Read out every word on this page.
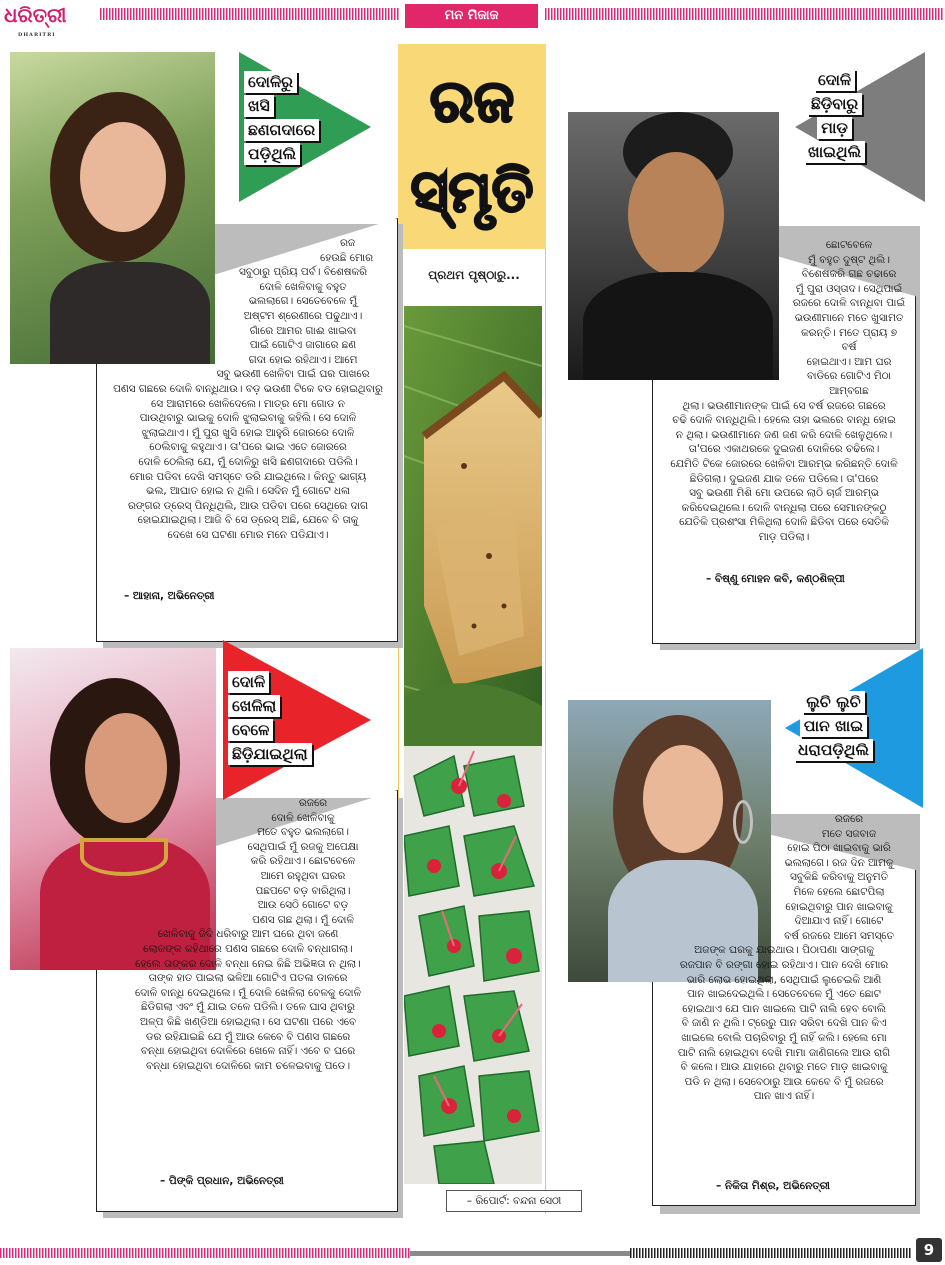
ଧରିତ୍ରୀ
DHARITRI
ମନ ମିଜାଜ
ରଜ
ସ୍ମୃତି
ପ୍ରଥମ ପୃଷ୍ଠାରୁ...
– ରିପୋର୍ଟ: ବନ୍ଦନା ସେଠୀ
ଦୋଳିରୁ
ଖସି
ଛଣଗଦାରେ
ପଡ଼ିଥିଲି
ରଜ
ହେଉଛି ମୋର
ସବୁଠାରୁ ପ୍ରିୟ ପର୍ବ। ବିଶେଷକରି
ଦୋଳି ଖେଳିବାକୁ ବହୁତ
ଭଲଲାଗେ। ସେତେବେଳେ ମୁଁ
ଅଷ୍ଟମ ଶ୍ରେଣୀରେ ପଢୁଥାଏ।
ଗାଁରେ ଆମର ଗାଈ ଖାଇବା
ପାଇଁ ଗୋଟିଏ ଜାଗାରେ ଛଣ
ଗଦା ହୋଇ ରହିଥାଏ। ଆମେ
ସବୁ ଭଉଣୀ ଖେଳିବା ପାଇଁ ଘର ପାଖରେ
ପଣସ ଗଛରେ ଦୋଳି ବାନ୍ଧିଥାଉ। ବଡ଼ ଭଉଣୀ ଟିକେ ବଡ ହୋଇଥିବାରୁ
ସେ ଆରାମରେ ଖେଳିଦେଲେ। ମାତ୍ର ମୋ ଗୋଡ ନ
ପାଉଥିବାରୁ ଭାଇକୁ ଦୋଳି ଝୁଲାଇବାକୁ କହିଲି। ସେ ଦୋଳି
ଝୁଲାଇଥାଏ। ମୁଁ ପୁରା ଖୁସି ହୋଇ ଆହୁରି ଜୋରରେ ଦୋଳି
ଠେଲିବାକୁ କହୁଥାଏ। ତା'ପରେ ଭାଇ ଏତେ ଜୋରରେ
ଦୋଳି ଠେଲିଲା ଯେ, ମୁଁ ଦୋଳିରୁ ଖସି ଛଣଗଦାରେ ପଡିଲି।
ମୋର ପଡିବା ଦେଖି ସମସ୍ତେ ଡରି ଯାଇଥିଲେ। କିନ୍ତୁ ଭାଗ୍ୟ
ଭଲ, ଆଘାତ ହୋଇ ନ ଥିଲି। ସେଦିନ ମୁଁ ଗୋଟେ ଧଳା
ରଙ୍ଗର ଡ୍ରେସ୍ ପିନ୍ଧିଥିଲି, ଆଉ ପଡିବା ପରେ ସେଥିରେ ଦାଗ
ହୋଇଯାଇଥିଲା। ଆଜି ବି ସେ ଡ୍ରେସ୍ ଅଛି, ଯେବେ ବି ତାକୁ
ଦେଖେ ସେ ଘଟଣା ମୋର ମନେ ପଡିଯାଏ।
– ଆହାନା, ଅଭିନେତ୍ରୀ
ଦୋଳି
ଛିଡ଼ିବାରୁ
ମାଡ଼
ଖାଇଥିଲି
ଛୋଟବେଳେ
ମୁଁ ବହୁତ ଦୁଷ୍ଟ ଥିଲି।
ବିଶେଷକରି ଗଛ ଚଢାରେ
ମୁଁ ପୁରା ଓସ୍ତାଦ। ସେଥିପାଇଁ
ରଜରେ ଦୋଳି ବାନ୍ଧିବା ପାଇଁ
ଭଉଣୀମାନେ ମତେ ଖୁସାମତ
କରନ୍ତି। ମତେ ପ୍ରାୟ ୭ ବର୍ଷ
ହୋଇଥାଏ। ଆମ ଘର
ବାଡିରେ ଗୋଟିଏ ମିଠା ଆମ୍ବଗଛ
ଥିଲା। ଭଉଣୀମାନଙ୍କ ପାଇଁ ସେ ବର୍ଷ ରଜରେ ଗଛରେ
ଚଢି ଦୋଳି ବାନ୍ଧିଥିଲି। ହେଲେ ତାହା ଭଲରେ ବାନ୍ଧି ହୋଇ
ନ ଥିଲା। ଭଉଣୀମାନେ ଜଣ ଜଣ କରି ଦୋଳି ଖେଳୁଥିଲେ।
ତା'ପରେ ଏକାଥରକେ ଦୁଇଜଣ ଦୋଳିରେ ଚଢିଲେ।
ଯେମିତି ଟିକେ ଜୋରରେ ଖେଳିବା ଆରମ୍ଭ କରିଛନ୍ତି ଦୋଳି
ଛିଡିଗଲା। ଦୁଇଜଣ ଯାକ ତଳେ ପଡିଲେ। ତା'ପରେ
ସବୁ ଭଉଣୀ ମିଶି ମୋ ଉପରେ ଲାଠି ଚାର୍ଜ ଆରମ୍ଭ
କରିଦେଇଥିଲେ। ଦୋଳି ବାନ୍ଧିଲା ପରେ ସେମାନଙ୍କଠୁ
ଯେତିକି ପ୍ରଶଂସା ମିଳିଥିଲା ଦୋଳି ଛିଡିବା ପରେ ସେତିକି
ମାଡ଼ ପଡିଲା।
– ବିଷ୍ଣୁ ମୋହନ କବି, କଣ୍ଠଶିଳ୍ପୀ
ଦୋଳି
ଖେଳିଲା
ବେଳେ
ଛିଡ଼ିଯାଇଥିଲା
ରଜରେ
ଦୋଳି ଖେଳିବାକୁ
ମତେ ବହୁତ ଭଲଲାଗେ।
ସେଥିପାଇଁ ମୁଁ ରଜକୁ ଅପେକ୍ଷା
କରି ରହିଥାଏ। ଛୋଟବେଳେ
ଆମେ ରହୁଥିବା ଘରର
ପଛପଟେ ବଡ଼ ବାରିଥିଲା।
ଆଉ ସେଠି ଗୋଟେ ବଡ଼
ପଣସ ଗଛ ଥିଲା। ମୁଁ ଦୋଳି
ଖେଳିବାକୁ ଜିଦି ଧରିବାରୁ ଆମ ଘରେ ଥିବା ଜଣେ
ଲୋକଙ୍କ କହିଥାରେ ପଣସ ଗଛରେ ଦୋଳି ବନ୍ଧାଗଲା।
ହେଲେ ତାଙ୍କର ଦୋଳି ବନ୍ଧା ନେଇ କିଛି ଅଭିଜ୍ଞତା ନ ଥିଲା।
ତାଙ୍କ ହାତ ପାଇଲା ଭଳିଆ ଗୋଟିଏ ପତଳା ଡାଳରେ
ଦୋଳି ବାନ୍ଧି ଦେଇଥିଲେ। ମୁଁ ଦୋଳି ଖେଳିଲା ବେଳକୁ ଦୋଳି
ଛିଡିଗଲା ଏବଂ ମୁଁ ଯାଇ ତଳେ ପଡିଲି। ତଳେ ଘାସ ଥିବାରୁ
ଅଳ୍ପ କିଛି ଖଣ୍ଡିଆ ହୋଇଥିଲା। ସେ ଘଟଣା ପରେ ଏବେ
ଡର ରହିଯାଇଛି ଯେ ମୁଁ ଆଉ କେବେ ବି ପଣସ ଗଛରେ
ବନ୍ଧା ହୋଇଥିବା ଦୋଳିରେ ଖେଳେ ନାହିଁ। ଏବେ ବ ଘରେ
ବନ୍ଧା ହୋଇଥିବା ଦୋଳିରେ କାମ ଚଳେଇବାକୁ ପଡେ।
– ପିଙ୍କି ପ୍ରଧାନ, ଅଭିନେତ୍ରୀ
ଲୁଚି ଲୁଚି
ପାନ ଖାଇ
ଧରାପଡ଼ିଥିଲି
ରଜରେ
ମତେ ସଜବାଜ
ହୋଇ ପିଠା ଖାଇବାକୁ ଭାରି
ଭଲଲାଗେ। ରଜ ଦିନ ଆମକୁ
ସବୁକିଛି କରିବାକୁ ଅନୁମତି
ମିଳେ ହେଲେ ଛୋଟପିଲା
ହୋଇଥିବାରୁ ପାନ ଖାଇବାକୁ
ଦିଆଯାଏ ନାହିଁ। ଗୋଟେ
ବର୍ଷ ରଜରେ ଆମେ ସମସ୍ତେ
ଅଜଙ୍କ ଘରକୁ ଯାଇଥାଉ। ପିଠାପଣା ସାଙ୍ଗକୁ
ରଜପାନ ବି ରଙ୍ଗା ହୋଇ ରହିଥାଏ। ପାନ ଦେଖି ମୋର
ଭାରି ଲୋଭ ହୋଇଥିଲା, ସେଥିପାଇଁ ଲୁଚେଇକି ଆଣି
ପାନ ଖାଇଦେଇଥିଲି। ସେତେବେଳେ ମୁଁ ଏତେ ଛୋଟ
ହୋଇଥାଏ ଯେ ପାନ ଖାଇଲେ ପାଟି ନାଲି ହେବ ବୋଲି
ବି ଜାଣି ନ ଥିଲି। ଟ୍ରେରୁ ପାନ ସରିବା ଦେଖି ପାନ କିଏ
ଖାଇଲେ ବୋଲି ପଚାରିବାରୁ ମୁଁ ନାହିଁ କଲି। ହେଲେ ମୋ
ପାଟି ନାଲି ହୋଇଥିବା ଦେଖି ମାମା ଜାଣିଗଲେ ଆଉ ରାଗି
ବି କଲେ। ଆଉ ଯାହାରେ ଥିବାରୁ ମତେ ମାଡ଼ ଖାଇବାକୁ
ପଡି ନ ଥିଲା। ସେବେଠାରୁ ଆଉ କେବେ ବି ମୁଁ ରଜରେ
ପାନ ଖାଏ ନାହିଁ।
– ନିକିତା ମିଶ୍ର, ଅଭିନେତ୍ରୀ
9
